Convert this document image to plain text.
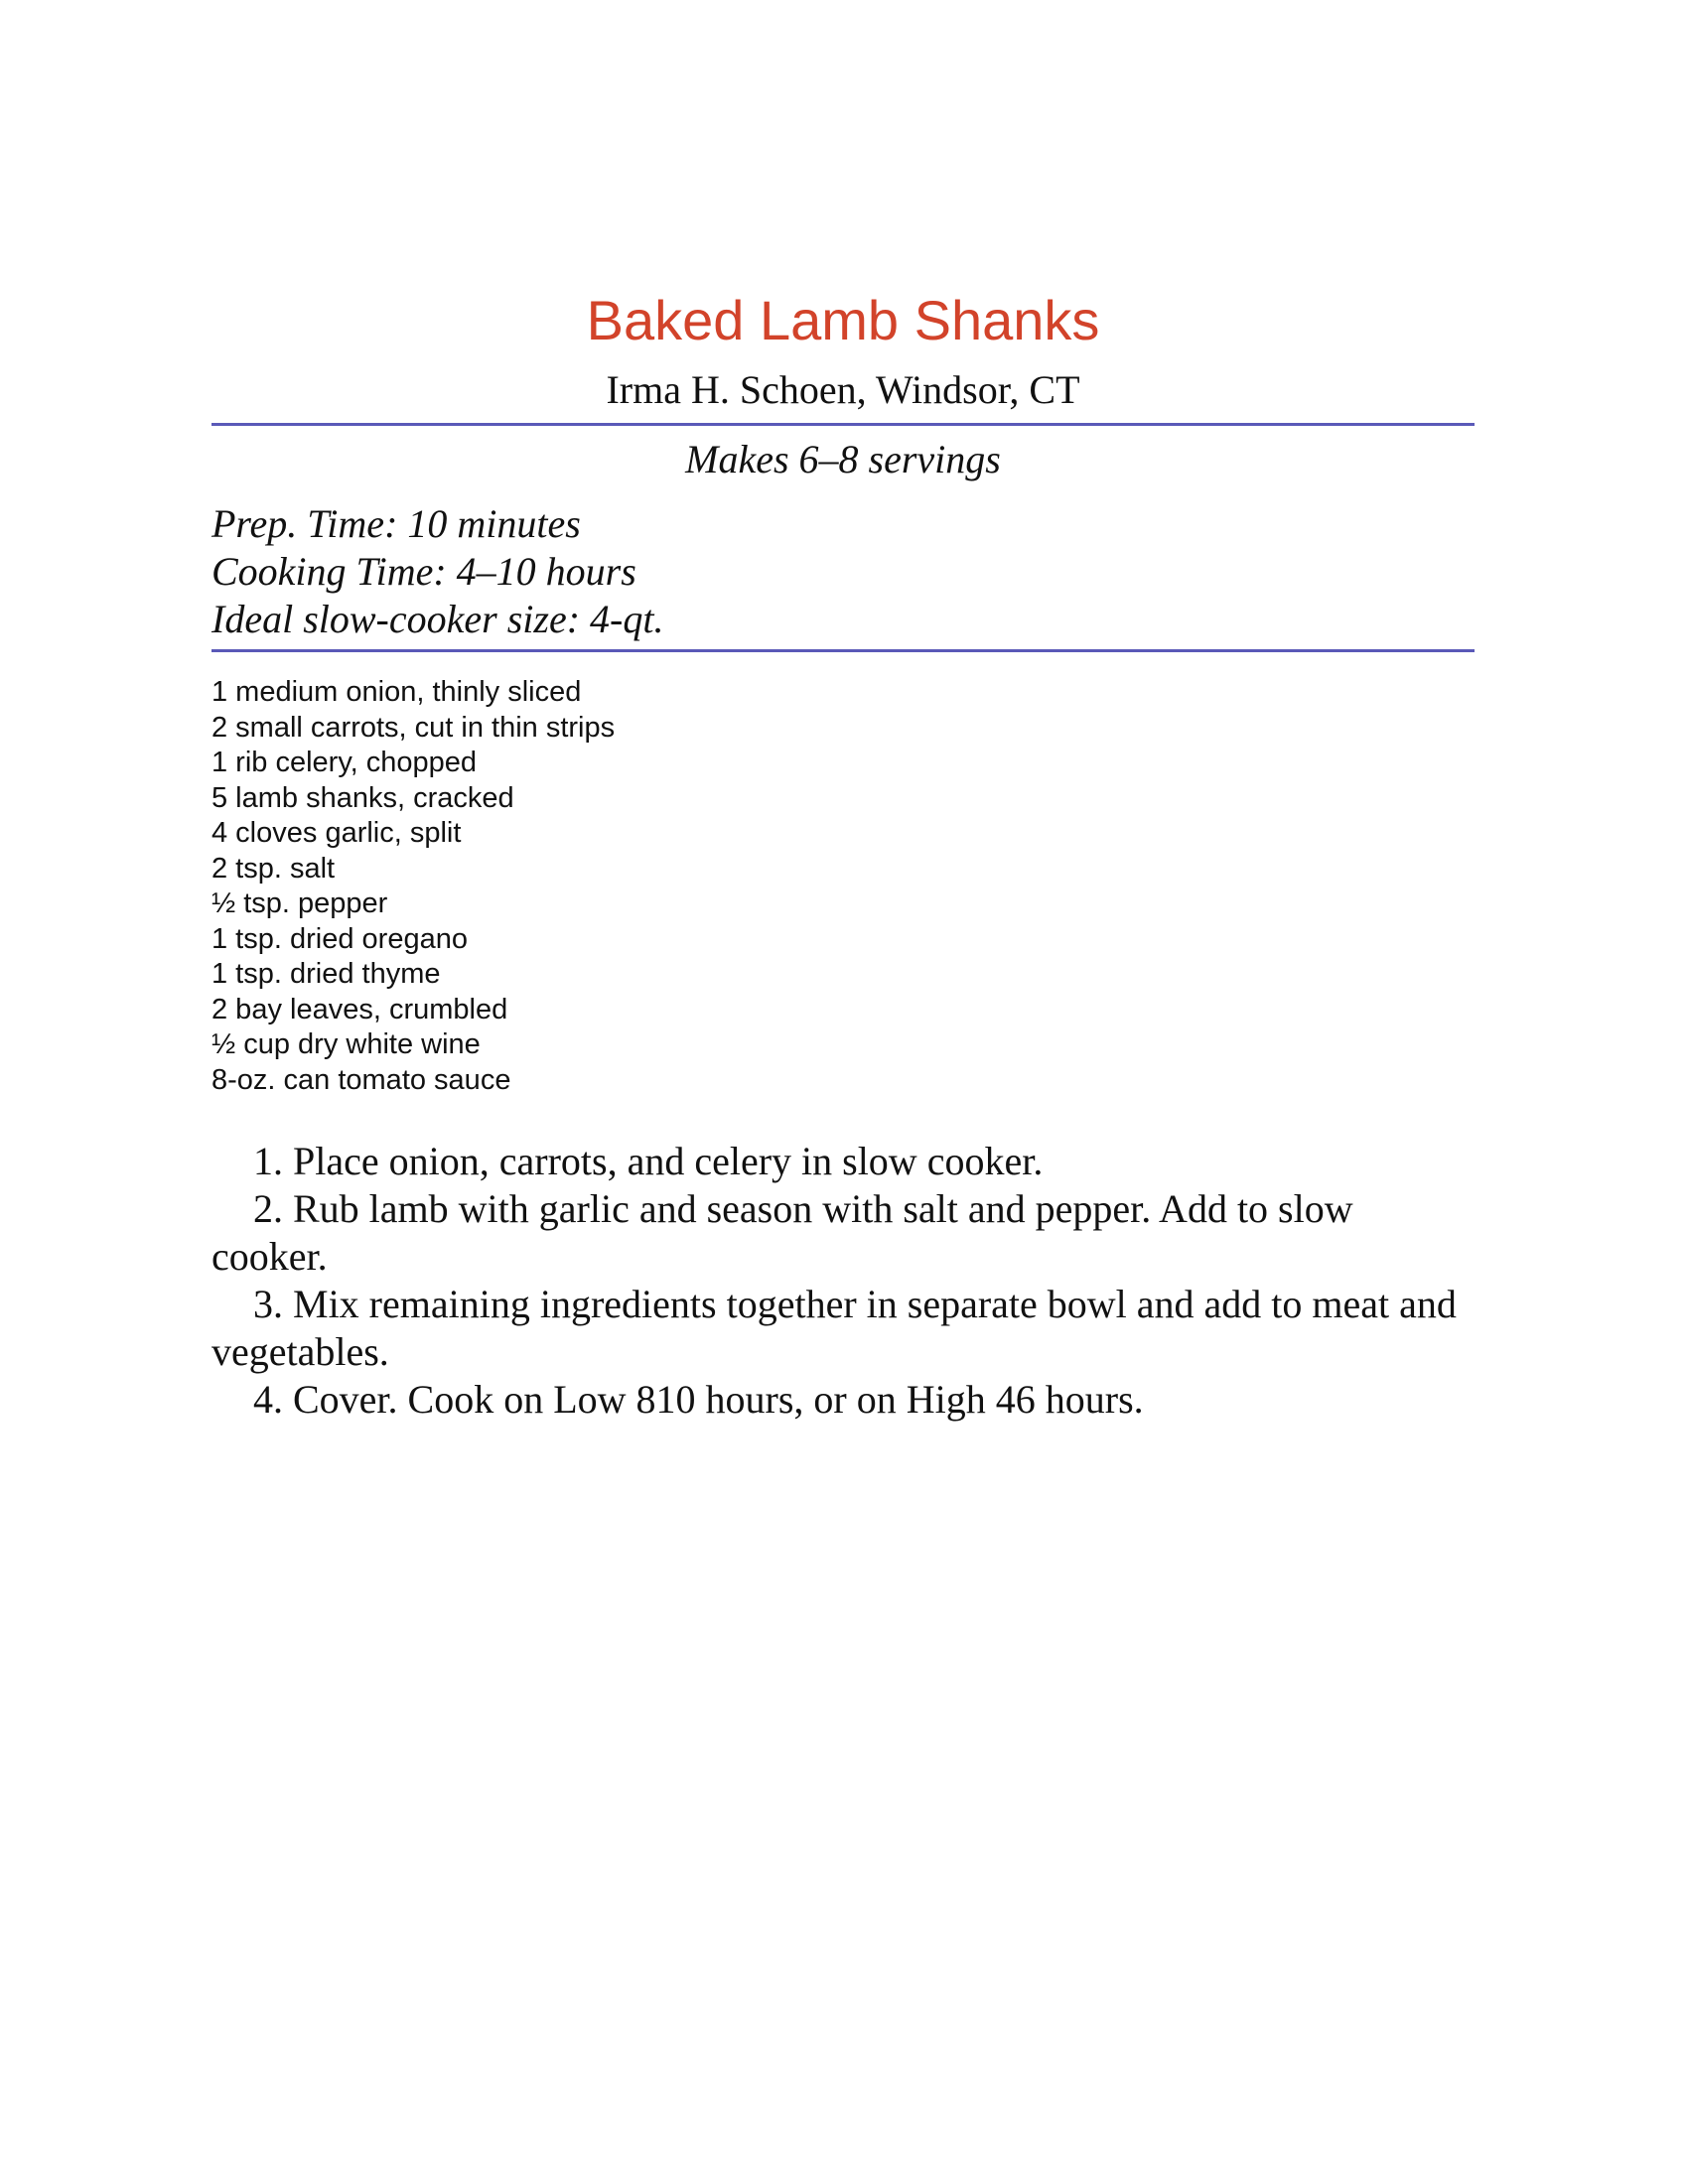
Baked Lamb Shanks
Irma H. Schoen, Windsor, CT
Makes 6–8 servings
Prep. Time: 10 minutes
Cooking Time: 4–10 hours
Ideal slow-cooker size: 4-qt.
1 medium onion, thinly sliced
2 small carrots, cut in thin strips
1 rib celery, chopped
5 lamb shanks, cracked
4 cloves garlic, split
2 tsp. salt
½ tsp. pepper
1 tsp. dried oregano
1 tsp. dried thyme
2 bay leaves, crumbled
½ cup dry white wine
8-oz. can tomato sauce
1. Place onion, carrots, and celery in slow cooker.
2. Rub lamb with garlic and season with salt and pepper. Add to slow cooker.
3. Mix remaining ingredients together in separate bowl and add to meat and vegetables.
4. Cover. Cook on Low 810 hours, or on High 46 hours.
